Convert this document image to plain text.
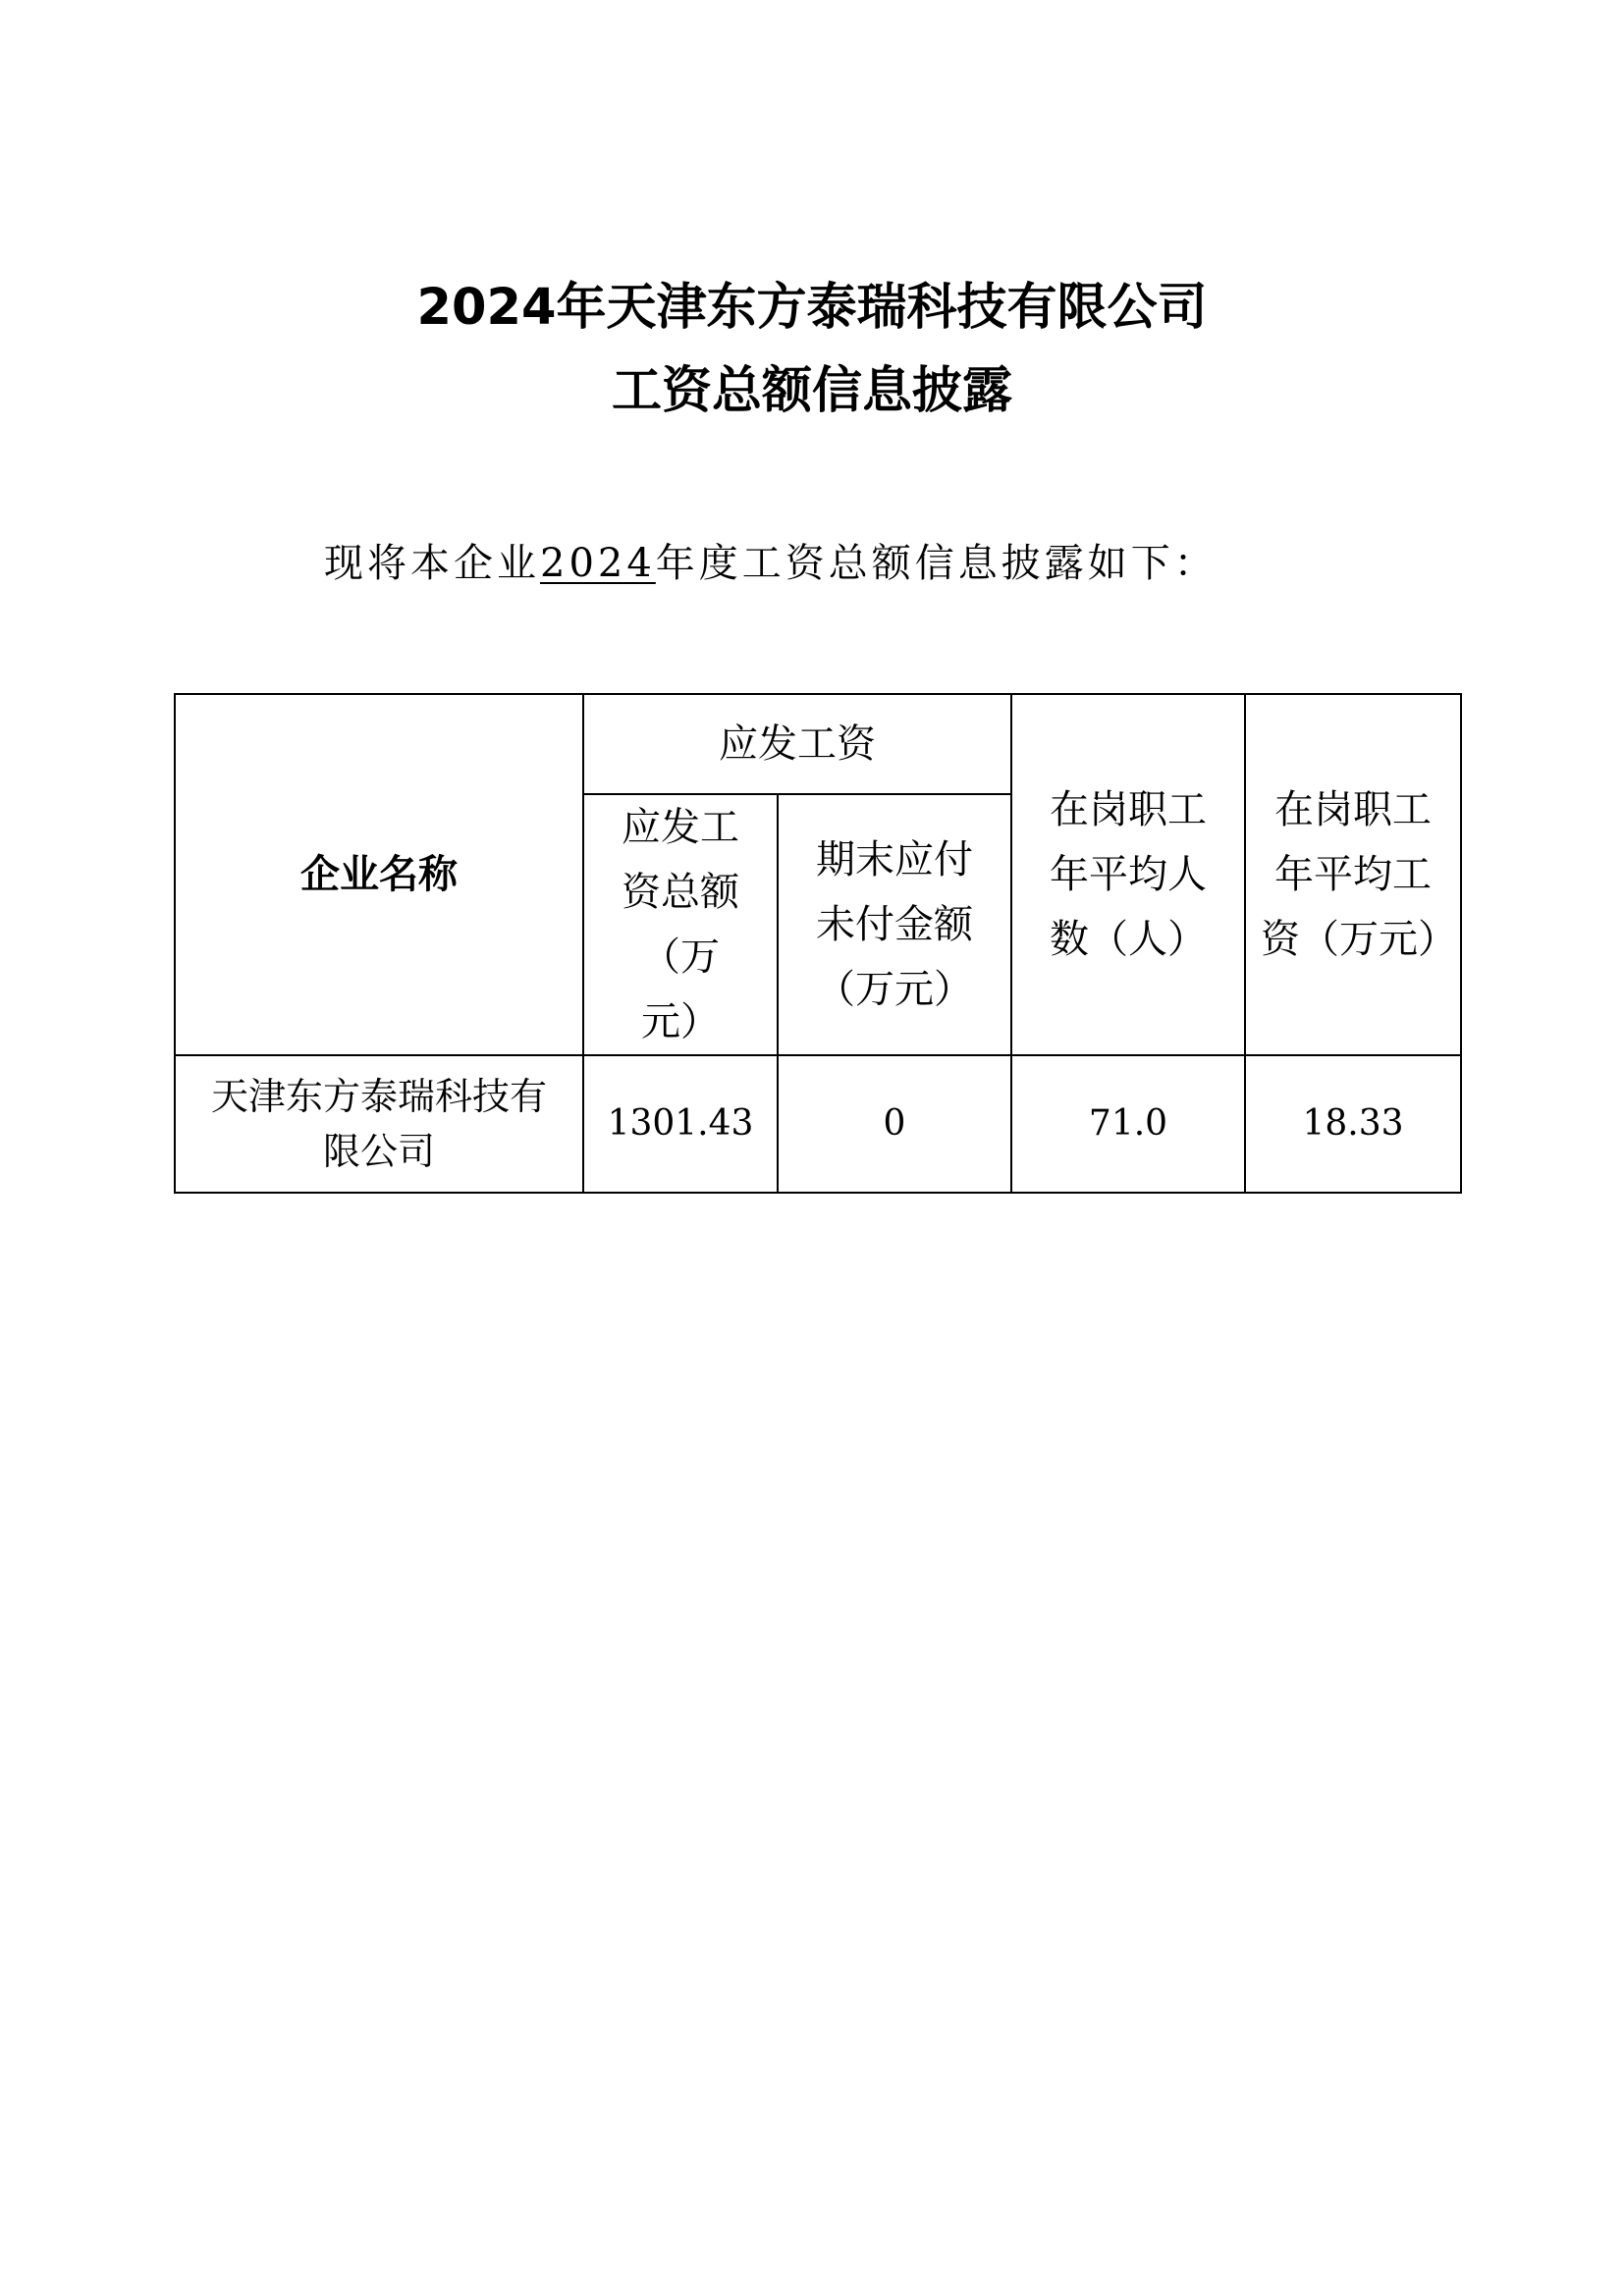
2024年天津东方泰瑞科技有限公司
工资总额信息披露
现将本企业2024年度工资总额信息披露如下：
企业名称	应发工资		在岗职工年平均人数（人）	在岗职工年平均工资（万元）
	应发工资总额（万元）	期末应付未付金额（万元）		
天津东方泰瑞科技有限公司	1301.43	0	71.0	18.33
